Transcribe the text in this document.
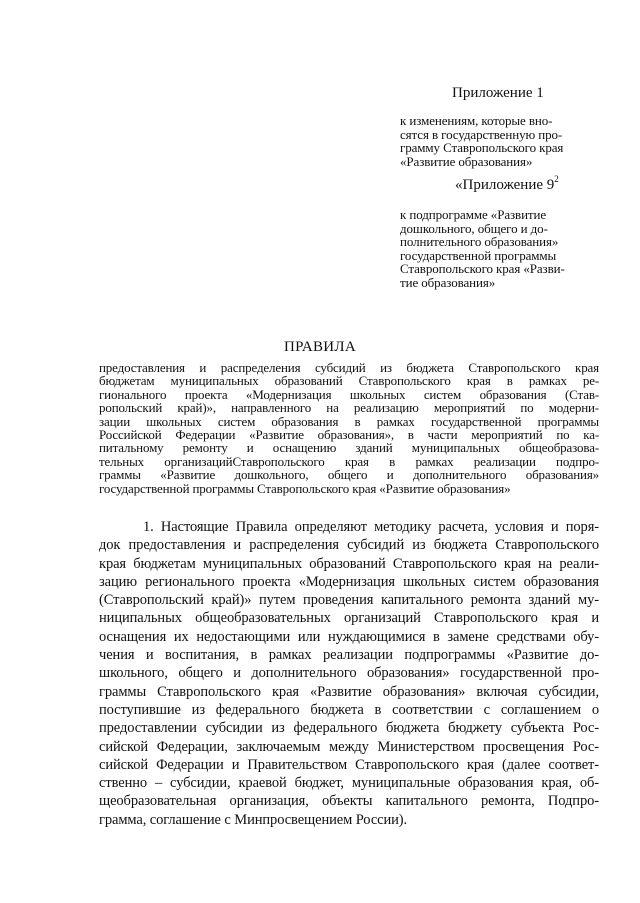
Приложение 1
к изменениям, которые вно-
сятся в государственную про-
грамму Ставропольского края
«Развитие образования»
«Приложение $9^2$
к подпрограмме «Развитие
дошкольного, общего и до-
полнительного образования»
государственной программы
Ставропольского края «Разви-
тие образования»
ПРАВИЛА
предоставления и распределения субсидий из бюджета Ставропольского края
бюджетам муниципальных образований Ставропольского края в рамках ре-
гионального проекта «Модернизация школьных систем образования (Став-
ропольский край)», направленного на реализацию мероприятий по модерни-
зации школьных систем образования в рамках государственной программы
Российской Федерации «Развитие образования», в части мероприятий по ка-
питальному ремонту и оснащению зданий муниципальных общеобразова-
тельных организацийСтавропольского края в рамках реализации подпро-
граммы «Развитие дошкольного, общего и дополнительного образования»
государственной программы Ставропольского края «Развитие образования»
1. Настоящие Правила определяют методику расчета, условия и поря-
док предоставления и распределения субсидий из бюджета Ставропольского
края бюджетам муниципальных образований Ставропольского края на реали-
зацию регионального проекта «Модернизация школьных систем образования
(Ставропольский край)» путем проведения капитального ремонта зданий му-
ниципальных общеобразовательных организаций Ставропольского края и
оснащения их недостающими или нуждающимися в замене средствами обу-
чения и воспитания, в рамках реализации подпрограммы «Развитие до-
школьного, общего и дополнительного образования» государственной про-
граммы Ставропольского края «Развитие образования» включая субсидии,
поступившие из федерального бюджета в соответствии с соглашением о
предоставлении субсидии из федерального бюджета бюджету субъекта Рос-
сийской Федерации, заключаемым между Министерством просвещения Рос-
сийской Федерации и Правительством Ставропольского края (далее соответ-
ственно – субсидии, краевой бюджет, муниципальные образования края, об-
щеобразовательная организация, объекты капитального ремонта, Подпро-
грамма, соглашение с Минпросвещением России).
